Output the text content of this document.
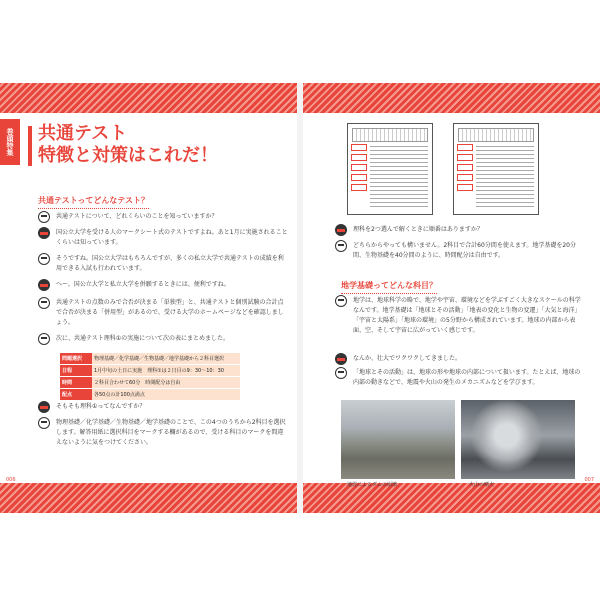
巻頭特集	共通テスト
特徴と対策はこれだ！
共通テストってどんなテスト？
共通テストについて、どれくらいのことを知っていますか？
国公立大学を受ける人のマークシート式のテストですよね。あと1月に実施されることくらいは知っています。
そうですね。国公立大学はもちろんですが、多くの私立大学で共通テストの成績を利用できる入試も行われています。
へー。国公立大学と私立大学を併願するときには、便利ですね。
共通テストの点数のみで合否が決まる「単独型」と、共通テストと個別試験の合計点で合否が決まる「併用型」があるので、受ける大学のホームページなどを確認しましょう。
次に、共通テスト理科①の実施について次の表にまとめました。
問題選択	物理基礎／化学基礎／生物基礎／地学基礎から２科目選択
日程	1月中旬の土日に実施　理科①は２日目の9：30～10：30
時間	２科目合わせて60分　時間配分は自由
配点	各50点の計100点満点
そもそも理科①ってなんですか？
物理基礎／化学基礎／生物基礎／地学基礎のことで、この4つのうちから2科目を選択します。解答用紙に選択科目をマークする欄があるので、受ける科目のマークを間違えないように気をつけてください。
006
理科を2つ選んで解くときに順番はありますか？
どちらからやっても構いません。2科目で合計60分間を使えます。地学基礎を20分間、生物基礎を40分間のように、時間配分は自由です。
地学基礎ってどんな科目？
地学は、地球科学の略で、地学や宇宙、環境などを学ぶすごく大きなスケールの科学なんです。地学基礎は「地球とその活動」「地表の変化と生物の変遷」「大気と海洋」「宇宙と太陽系」「地球の環境」の5分野から構成されています。地球の内部から表面、空、そして宇宙に広がっていく感じです。
なんか、壮大でワクワクしてきました。
「地球とその活動」は、地球の形や地球の内部について扱います。たとえば、地球の内部の動きなどで、地震や火山の発生のメカニズムなどを学びます。
地震によるダムの崩壊	火山の噴火
007
